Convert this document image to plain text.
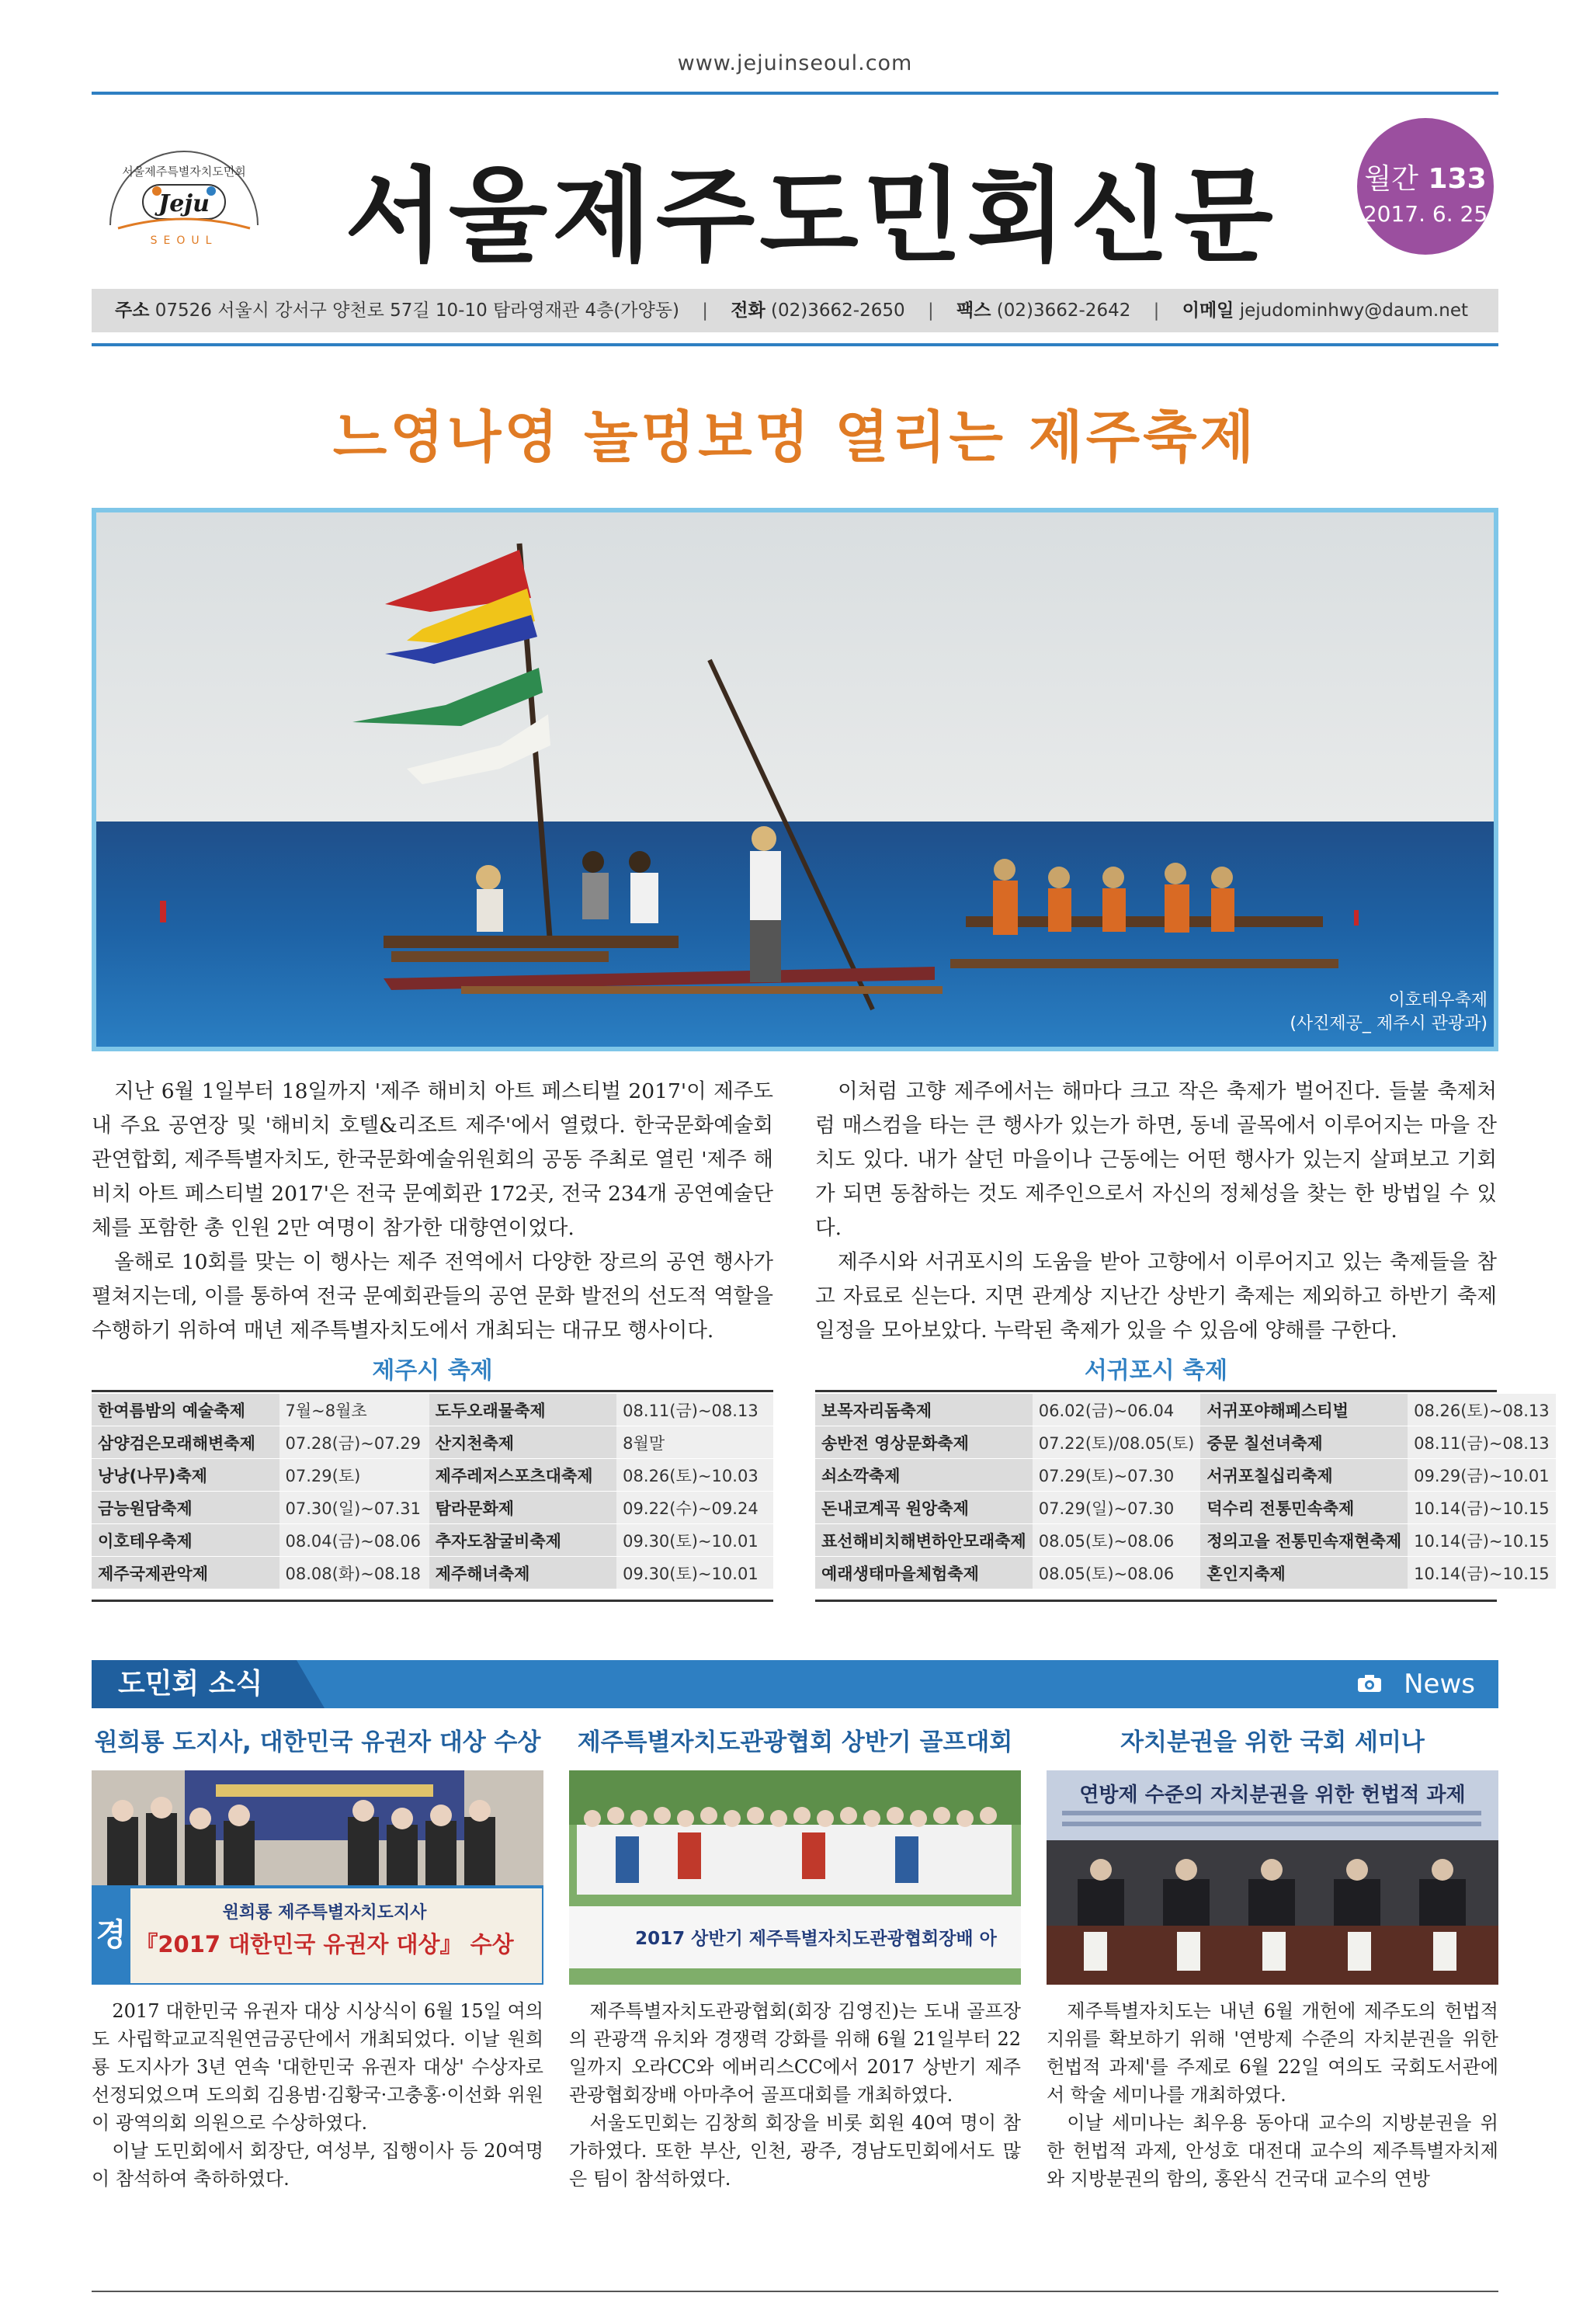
www.jejuinseoul.com
서울제주특별자치도민회
Jeju
SEOUL 서울제주도민회신문	월간 133
2017. 6. 25
주소 07526 서울시 강서구 양천로 57길 10-10 탐라영재관 4층(가양동) | 전화 (02)3662-2650 | 팩스 (02)3662-2642 | 이메일 jejudominhwy@daum.net
느영나영 놀멍보멍 열리는 제주축제
이호테우축제
(사진제공_ 제주시 관광과)

지난 6월 1일부터 18일까지 '제주 해비치 아트 페스티벌 2017'이 제주도내 주요 공연장 및 '해비치 호텔&리조트 제주'에서 열렸다. 한국문화예술회관연합회, 제주특별자치도, 한국문화예술위원회의 공동 주최로 열린 '제주 해비치 아트 페스티벌 2017'은 전국 문예회관 172곳, 전국 234개 공연예술단체를 포함한 총 인원 2만 여명이 참가한 대향연이었다.

올해로 10회를 맞는 이 행사는 제주 전역에서 다양한 장르의 공연 행사가 펼쳐지는데, 이를 통하여 전국 문예회관들의 공연 문화 발전의 선도적 역할을 수행하기 위하여 매년 제주특별자치도에서 개최되는 대규모 행사이다.

이처럼 고향 제주에서는 해마다 크고 작은 축제가 벌어진다. 들불 축제처럼 매스컴을 타는 큰 행사가 있는가 하면, 동네 골목에서 이루어지는 마을 잔치도 있다. 내가 살던 마을이나 근동에는 어떤 행사가 있는지 살펴보고 기회가 되면 동참하는 것도 제주인으로서 자신의 정체성을 찾는 한 방법일 수 있다.

제주시와 서귀포시의 도움을 받아 고향에서 이루어지고 있는 축제들을 참고 자료로 싣는다. 지면 관계상 지난간 상반기 축제는 제외하고 하반기 축제 일정을 모아보았다. 누락된 축제가 있을 수 있음에 양해를 구한다.

제주시 축제
한여름밤의 예술축제	7월~8월초	도두오래물축제	08.11(금)~08.13
삼양검은모래해변축제	07.28(금)~07.29	산지천축제	8월말
낭낭(나무)축제	07.29(토)	제주레저스포츠대축제	08.26(토)~10.03
금능원담축제	07.30(일)~07.31	탐라문화제	09.22(수)~09.24
이호테우축제	08.04(금)~08.06	추자도참굴비축제	09.30(토)~10.01
제주국제관악제	08.08(화)~08.18	제주해녀축제	09.30(토)~10.01
서귀포시 축제
보목자리돔축제	06.02(금)~06.04	서귀포야해페스티벌	08.26(토)~08.13
송반전 영상문화축제	07.22(토)/08.05(토)	중문 칠선녀축제	08.11(금)~08.13
쇠소깍축제	07.29(토)~07.30	서귀포칠십리축제	09.29(금)~10.01
돈내코계곡 원앙축제	07.29(일)~07.30	덕수리 전통민속축제	10.14(금)~10.15
표선해비치해변하안모래축제	08.05(토)~08.06	정의고을 전통민속재현축제	10.14(금)~10.15
예래생태마을체험축제	08.05(토)~08.06	혼인지축제	10.14(금)~10.15
도민회 소식	News
원희룡 도지사, 대한민국 유권자 대상 수상
경
원희룡 제주특별자치도지사
『2017 대한민국 유권자 대상』 수상

2017 대한민국 유권자 대상 시상식이 6월 15일 여의도 사립학교교직원연금공단에서 개최되었다. 이날 원희룡 도지사가 3년 연속 '대한민국 유권자 대상' 수상자로 선정되었으며 도의회 김용범·김황국·고충홍·이선화 위원이 광역의회 의원으로 수상하였다.

이날 도민회에서 회장단, 여성부, 집행이사 등 20여명이 참석하여 축하하였다.

제주특별자치도관광협회 상반기 골프대회
2017 상반기 제주특별자치도관광협회장배 아

제주특별자치도관광협회(회장 김영진)는 도내 골프장의 관광객 유치와 경쟁력 강화를 위해 6월 21일부터 22일까지 오라CC와 에버리스CC에서 2017 상반기 제주관광협회장배 아마추어 골프대회를 개최하였다.

서울도민회는 김창희 회장을 비롯 회원 40여 명이 참가하였다. 또한 부산, 인천, 광주, 경남도민회에서도 많은 팀이 참석하였다.

자치분권을 위한 국회 세미나
연방제 수준의 자치분권을 위한 헌법적 과제

제주특별자치도는 내년 6월 개헌에 제주도의 헌법적 지위를 확보하기 위해 '연방제 수준의 자치분권을 위한 헌법적 과제'를 주제로 6월 22일 여의도 국회도서관에서 학술 세미나를 개최하였다.

이날 세미나는 최우용 동아대 교수의 지방분권을 위한 헌법적 과제, 안성호 대전대 교수의 제주특별자치제와 지방분권의 함의, 홍완식 건국대 교수의 연방
